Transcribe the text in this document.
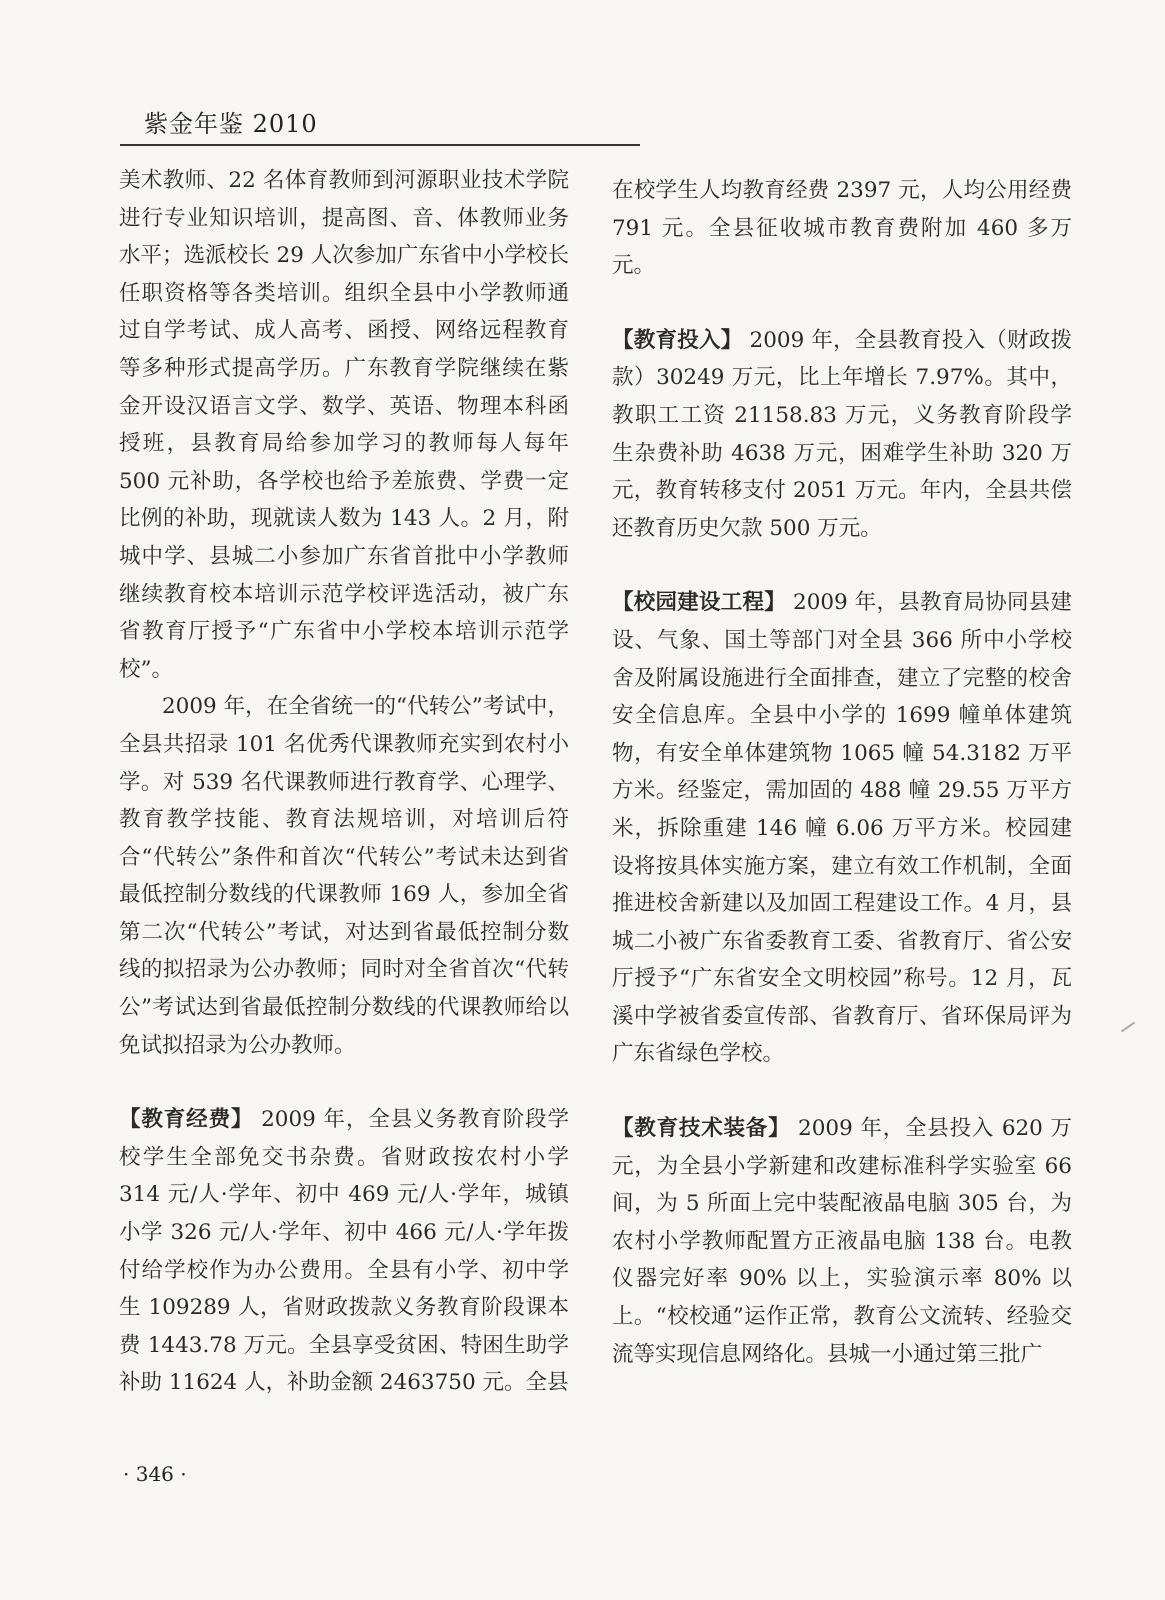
紫金年鉴 2010

美术教师、22 名体育教师到河源职业技术学院进行专业知识培训，提高图、音、体教师业务水平；选派校长 29 人次参加广东省中小学校长任职资格等各类培训。组织全县中小学教师通过自学考试、成人高考、函授、网络远程教育等多种形式提高学历。广东教育学院继续在紫金开设汉语言文学、数学、英语、物理本科函授班，县教育局给参加学习的教师每人每年 500 元补助，各学校也给予差旅费、学费一定比例的补助，现就读人数为 143 人。2 月，附城中学、县城二小参加广东省首批中小学教师继续教育校本培训示范学校评选活动，被广东省教育厅授予“广东省中小学校本培训示范学校”。

2009 年，在全省统一的“代转公”考试中，全县共招录 101 名优秀代课教师充实到农村小学。对 539 名代课教师进行教育学、心理学、教育教学技能、教育法规培训，对培训后符合“代转公”条件和首次“代转公”考试未达到省最低控制分数线的代课教师 169 人，参加全省第二次“代转公”考试，对达到省最低控制分数线的拟招录为公办教师；同时对全省首次“代转公”考试达到省最低控制分数线的代课教师给以免试拟招录为公办教师。

【教育经费】 2009 年，全县义务教育阶段学校学生全部免交书杂费。省财政按农村小学 314 元/人·学年、初中 469 元/人·学年，城镇小学 326 元/人·学年、初中 466 元/人·学年拨付给学校作为办公费用。全县有小学、初中学生 109289 人，省财政拨款义务教育阶段课本费 1443.78 万元。全县享受贫困、特困生助学补助 11624 人，补助金额 2463750 元。全县

在校学生人均教育经费 2397 元，人均公用经费 791 元。全县征收城市教育费附加 460 多万元。

【教育投入】 2009 年，全县教育投入（财政拨款）30249 万元，比上年增长 7.97%。其中，教职工工资 21158.83 万元，义务教育阶段学生杂费补助 4638 万元，困难学生补助 320 万元，教育转移支付 2051 万元。年内，全县共偿还教育历史欠款 500 万元。

【校园建设工程】 2009 年，县教育局协同县建设、气象、国土等部门对全县 366 所中小学校舍及附属设施进行全面排查，建立了完整的校舍安全信息库。全县中小学的 1699 幢单体建筑物，有安全单体建筑物 1065 幢 54.3182 万平方米。经鉴定，需加固的 488 幢 29.55 万平方米，拆除重建 146 幢 6.06 万平方米。校园建设将按具体实施方案，建立有效工作机制，全面推进校舍新建以及加固工程建设工作。4 月，县城二小被广东省委教育工委、省教育厅、省公安厅授予“广东省安全文明校园”称号。12 月，瓦溪中学被省委宣传部、省教育厅、省环保局评为广东省绿色学校。

【教育技术装备】 2009 年，全县投入 620 万元，为全县小学新建和改建标准科学实验室 66 间，为 5 所面上完中装配液晶电脑 305 台，为农村小学教师配置方正液晶电脑 138 台。电教仪器完好率 90% 以上，实验演示率 80% 以上。“校校通”运作正常，教育公文流转、经验交流等实现信息网络化。县城一小通过第三批广

· 346 ·
